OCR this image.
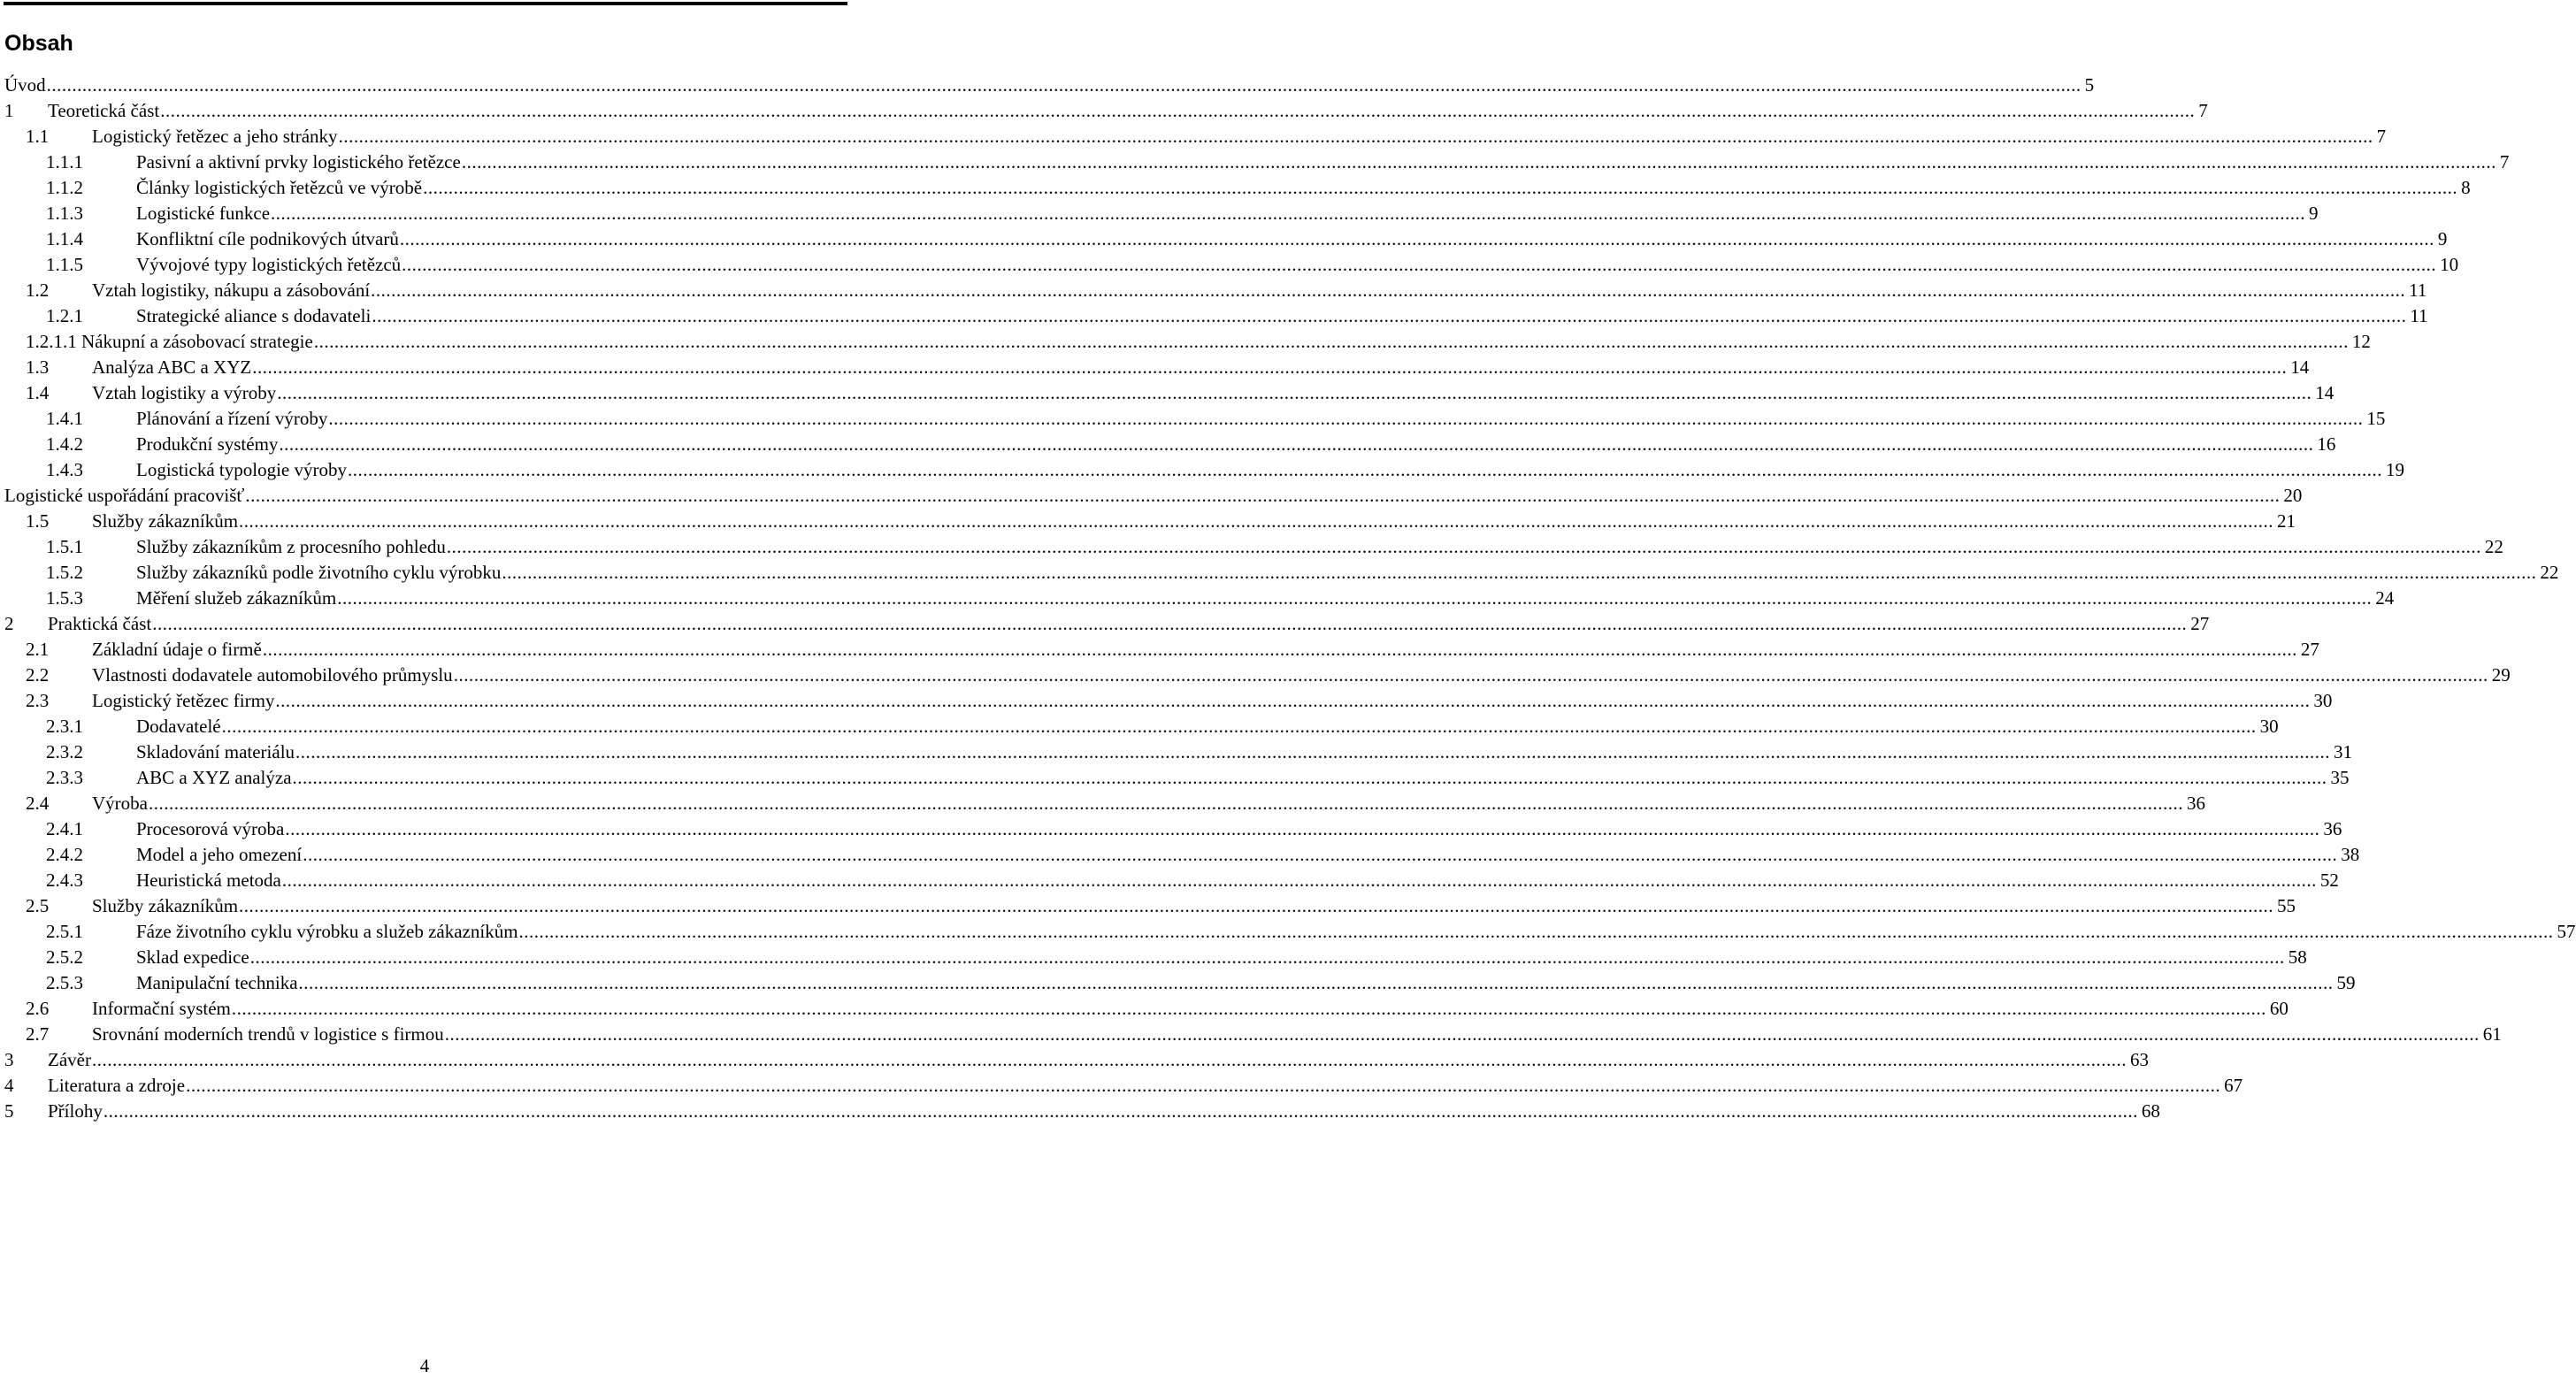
Obsah
Úvod ................................................................................................................................................................................................................................................................................................................................................................................................................ 5
1 Teoretická část ................................................................................................................................................................................................................................................................................................................................................................................................................ 7
1.1 Logistický řetězec a jeho stránky ................................................................................................................................................................................................................................................................................................................................................................................................................ 7
1.1.1	Pasivní a aktivní prvky logistického řetězce ................................................................................................................................................................................................................................................................................................................................................................................................................ 7
1.1.2	Články logistických řetězců ve výrobě ................................................................................................................................................................................................................................................................................................................................................................................................................ 8
1.1.3	Logistické funkce ................................................................................................................................................................................................................................................................................................................................................................................................................ 9
1.1.4	Konfliktní cíle podnikových útvarů ................................................................................................................................................................................................................................................................................................................................................................................................................ 9
1.1.5	Vývojové typy logistických řetězců ................................................................................................................................................................................................................................................................................................................................................................................................................ 10
1.2 Vztah logistiky, nákupu a zásobování ................................................................................................................................................................................................................................................................................................................................................................................................................ 11
1.2.1	Strategické aliance s dodavateli ................................................................................................................................................................................................................................................................................................................................................................................................................ 11
1.2.1.1 Nákupní a zásobovací strategie ................................................................................................................................................................................................................................................................................................................................................................................................................ 12
1.3 Analýza ABC a XYZ ................................................................................................................................................................................................................................................................................................................................................................................................................ 14
1.4 Vztah logistiky a výroby ................................................................................................................................................................................................................................................................................................................................................................................................................ 14
1.4.1	Plánování a řízení výroby ................................................................................................................................................................................................................................................................................................................................................................................................................ 15
1.4.2	Produkční systémy ................................................................................................................................................................................................................................................................................................................................................................................................................ 16
1.4.3	Logistická typologie výroby ................................................................................................................................................................................................................................................................................................................................................................................................................ 19
Logistické uspořádání pracovišť ................................................................................................................................................................................................................................................................................................................................................................................................................ 20
1.5 Služby zákazníkům ................................................................................................................................................................................................................................................................................................................................................................................................................ 21
1.5.1	Služby zákazníkům z procesního pohledu ................................................................................................................................................................................................................................................................................................................................................................................................................ 22
1.5.2	Služby zákazníků podle životního cyklu výrobku ................................................................................................................................................................................................................................................................................................................................................................................................................ 22
1.5.3	Měření služeb zákazníkům ................................................................................................................................................................................................................................................................................................................................................................................................................ 24
2 Praktická část ................................................................................................................................................................................................................................................................................................................................................................................................................ 27
2.1 Základní údaje o firmě ................................................................................................................................................................................................................................................................................................................................................................................................................ 27
2.2 Vlastnosti dodavatele automobilového průmyslu ................................................................................................................................................................................................................................................................................................................................................................................................................ 29
2.3 Logistický řetězec firmy ................................................................................................................................................................................................................................................................................................................................................................................................................ 30
2.3.1	Dodavatelé ................................................................................................................................................................................................................................................................................................................................................................................................................ 30
2.3.2	Skladování materiálu ................................................................................................................................................................................................................................................................................................................................................................................................................ 31
2.3.3	ABC a XYZ analýza ................................................................................................................................................................................................................................................................................................................................................................................................................ 35
2.4 Výroba ................................................................................................................................................................................................................................................................................................................................................................................................................ 36
2.4.1	Procesorová výroba ................................................................................................................................................................................................................................................................................................................................................................................................................ 36
2.4.2	Model a jeho omezení ................................................................................................................................................................................................................................................................................................................................................................................................................ 38
2.4.3	Heuristická metoda ................................................................................................................................................................................................................................................................................................................................................................................................................ 52
2.5 Služby zákazníkům ................................................................................................................................................................................................................................................................................................................................................................................................................ 55
2.5.1	Fáze životního cyklu výrobku a služeb zákazníkům ................................................................................................................................................................................................................................................................................................................................................................................................................ 57
2.5.2	Sklad expedice ................................................................................................................................................................................................................................................................................................................................................................................................................ 58
2.5.3	Manipulační technika ................................................................................................................................................................................................................................................................................................................................................................................................................ 59
2.6 Informační systém ................................................................................................................................................................................................................................................................................................................................................................................................................ 60
2.7 Srovnání moderních trendů v logistice s firmou ................................................................................................................................................................................................................................................................................................................................................................................................................ 61
3 Závěr ................................................................................................................................................................................................................................................................................................................................................................................................................ 63
4 Literatura a zdroje ................................................................................................................................................................................................................................................................................................................................................................................................................ 67
5 Přílohy ................................................................................................................................................................................................................................................................................................................................................................................................................ 68
4
